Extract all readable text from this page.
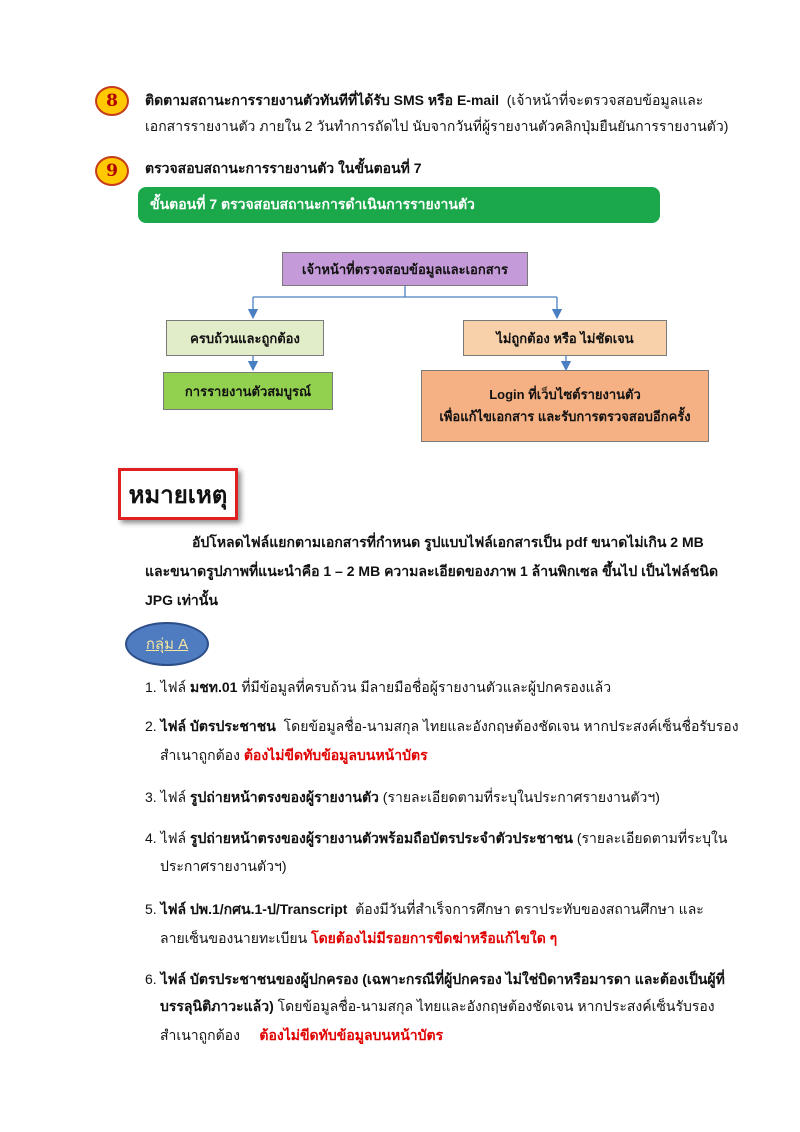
8 ติดตามสถานะการรายงานตัวทันทีที่ได้รับ SMS หรือ E-mail (เจ้าหน้าที่จะตรวจสอบข้อมูลและ
เอกสารรายงานตัว ภายใน 2 วันทำการถัดไป นับจากวันที่ผู้รายงานตัวคลิกปุ่มยืนยันการรายงานตัว)
9 ตรวจสอบสถานะการรายงานตัว ในขั้นตอนที่ 7
ขั้นตอนที่ 7 ตรวจสอบสถานะการดำเนินการรายงานตัว
เจ้าหน้าที่ตรวจสอบข้อมูลและเอกสาร
ครบถ้วนและถูกต้อง	ไม่ถูกต้อง หรือ ไม่ชัดเจน
การรายงานตัวสมบูรณ์	Login ที่เว็บไซต์รายงานตัว
เพื่อแก้ไขเอกสาร และรับการตรวจสอบอีกครั้ง
หมายเหตุ
อัปโหลดไฟล์แยกตามเอกสารที่กำหนด รูปแบบไฟล์เอกสารเป็น pdf ขนาดไม่เกิน 2 MB
และขนาดรูปภาพที่แนะนำคือ 1 – 2 MB ความละเอียดของภาพ 1 ล้านพิกเซล ขึ้นไป เป็นไฟล์ชนิด
JPG เท่านั้น
กลุ่ม A
1. ไฟล์ มชท.01 ที่มีข้อมูลที่ครบถ้วน มีลายมือชื่อผู้รายงานตัวและผู้ปกครองแล้ว
2. ไฟล์ บัตรประชาชน โดยข้อมูลชื่อ-นามสกุล ไทยและอังกฤษต้องชัดเจน หากประสงค์เซ็นชื่อรับรอง
สำเนาถูกต้อง ต้องไม่ขีดทับข้อมูลบนหน้าบัตร
3. ไฟล์ รูปถ่ายหน้าตรงของผู้รายงานตัว (รายละเอียดตามที่ระบุในประกาศรายงานตัวฯ)
4. ไฟล์ รูปถ่ายหน้าตรงของผู้รายงานตัวพร้อมถือบัตรประจำตัวประชาชน (รายละเอียดตามที่ระบุใน
ประกาศรายงานตัวฯ)
5. ไฟล์ ปพ.1/กศน.1-ป/Transcript ต้องมีวันที่สำเร็จการศึกษา ตราประทับของสถานศึกษา และ
ลายเซ็นของนายทะเบียน โดยต้องไม่มีรอยการขีดฆ่าหรือแก้ไขใด ๆ
6. ไฟล์ บัตรประชาชนของผู้ปกครอง (เฉพาะกรณีที่ผู้ปกครอง ไม่ใช่บิดาหรือมารดา และต้องเป็นผู้ที่
บรรลุนิติภาวะแล้ว) โดยข้อมูลชื่อ-นามสกุล ไทยและอังกฤษต้องชัดเจน หากประสงค์เซ็นรับรอง
สำเนาถูกต้อง ต้องไม่ขีดทับข้อมูลบนหน้าบัตร
